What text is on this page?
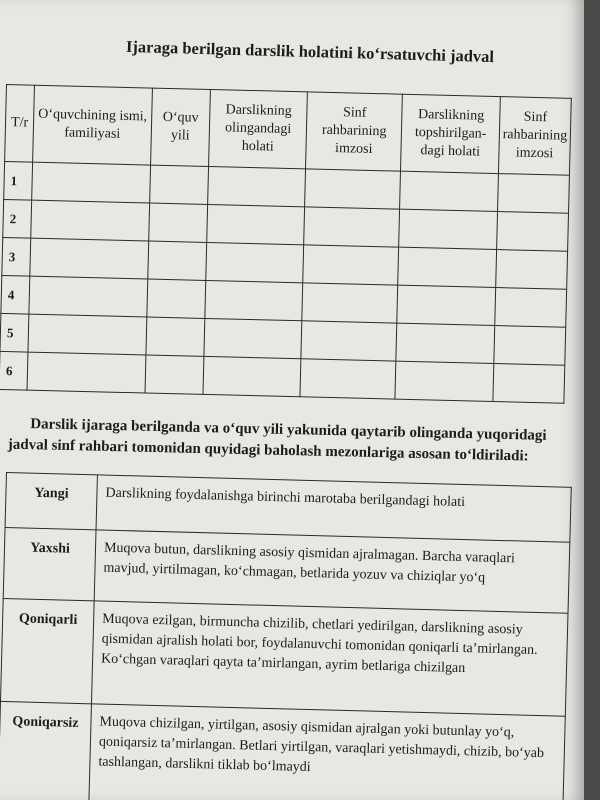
Ijaraga berilgan darslik holatini koʻrsatuvchi jadval
T/r	Oʻquvchining ismi, familiyasi	Oʻquv yili	Darslikning olingandagi holati	Sinf rahbarining imzosi	Darslikning topshirilgan-dagi holati	Sinf rahbarining imzosi
1						
2						
3						
4						
5						
6						
Darslik ijaraga berilganda va oʻquv yili yakunida qaytarib olinganda yuqoridagi jadval sinf rahbari tomonidan quyidagi baholash mezonlariga asosan toʻldiriladi:
Yangi	Darslikning foydalanishga birinchi marotaba berilgandagi holati
Yaxshi	Muqova butun, darslikning asosiy qismidan ajralmagan. Barcha varaqlari mavjud, yirtilmagan, koʻchmagan, betlarida yozuv va chiziqlar yoʻq
Qoniqarli	Muqova ezilgan, birmuncha chizilib, chetlari yedirilgan, darslikning asosiy qismidan ajralish holati bor, foydalanuvchi tomonidan qoniqarli taʼmirlangan. Koʻchgan varaqlari qayta taʼmirlangan, ayrim betlariga chizilgan
Qoniqarsiz	Muqova chizilgan, yirtilgan, asosiy qismidan ajralgan yoki butunlay yoʻq, qoniqarsiz taʼmirlangan. Betlari yirtilgan, varaqlari yetishmaydi, chizib, boʻyab tashlangan, darslikni tiklab boʻlmaydi
